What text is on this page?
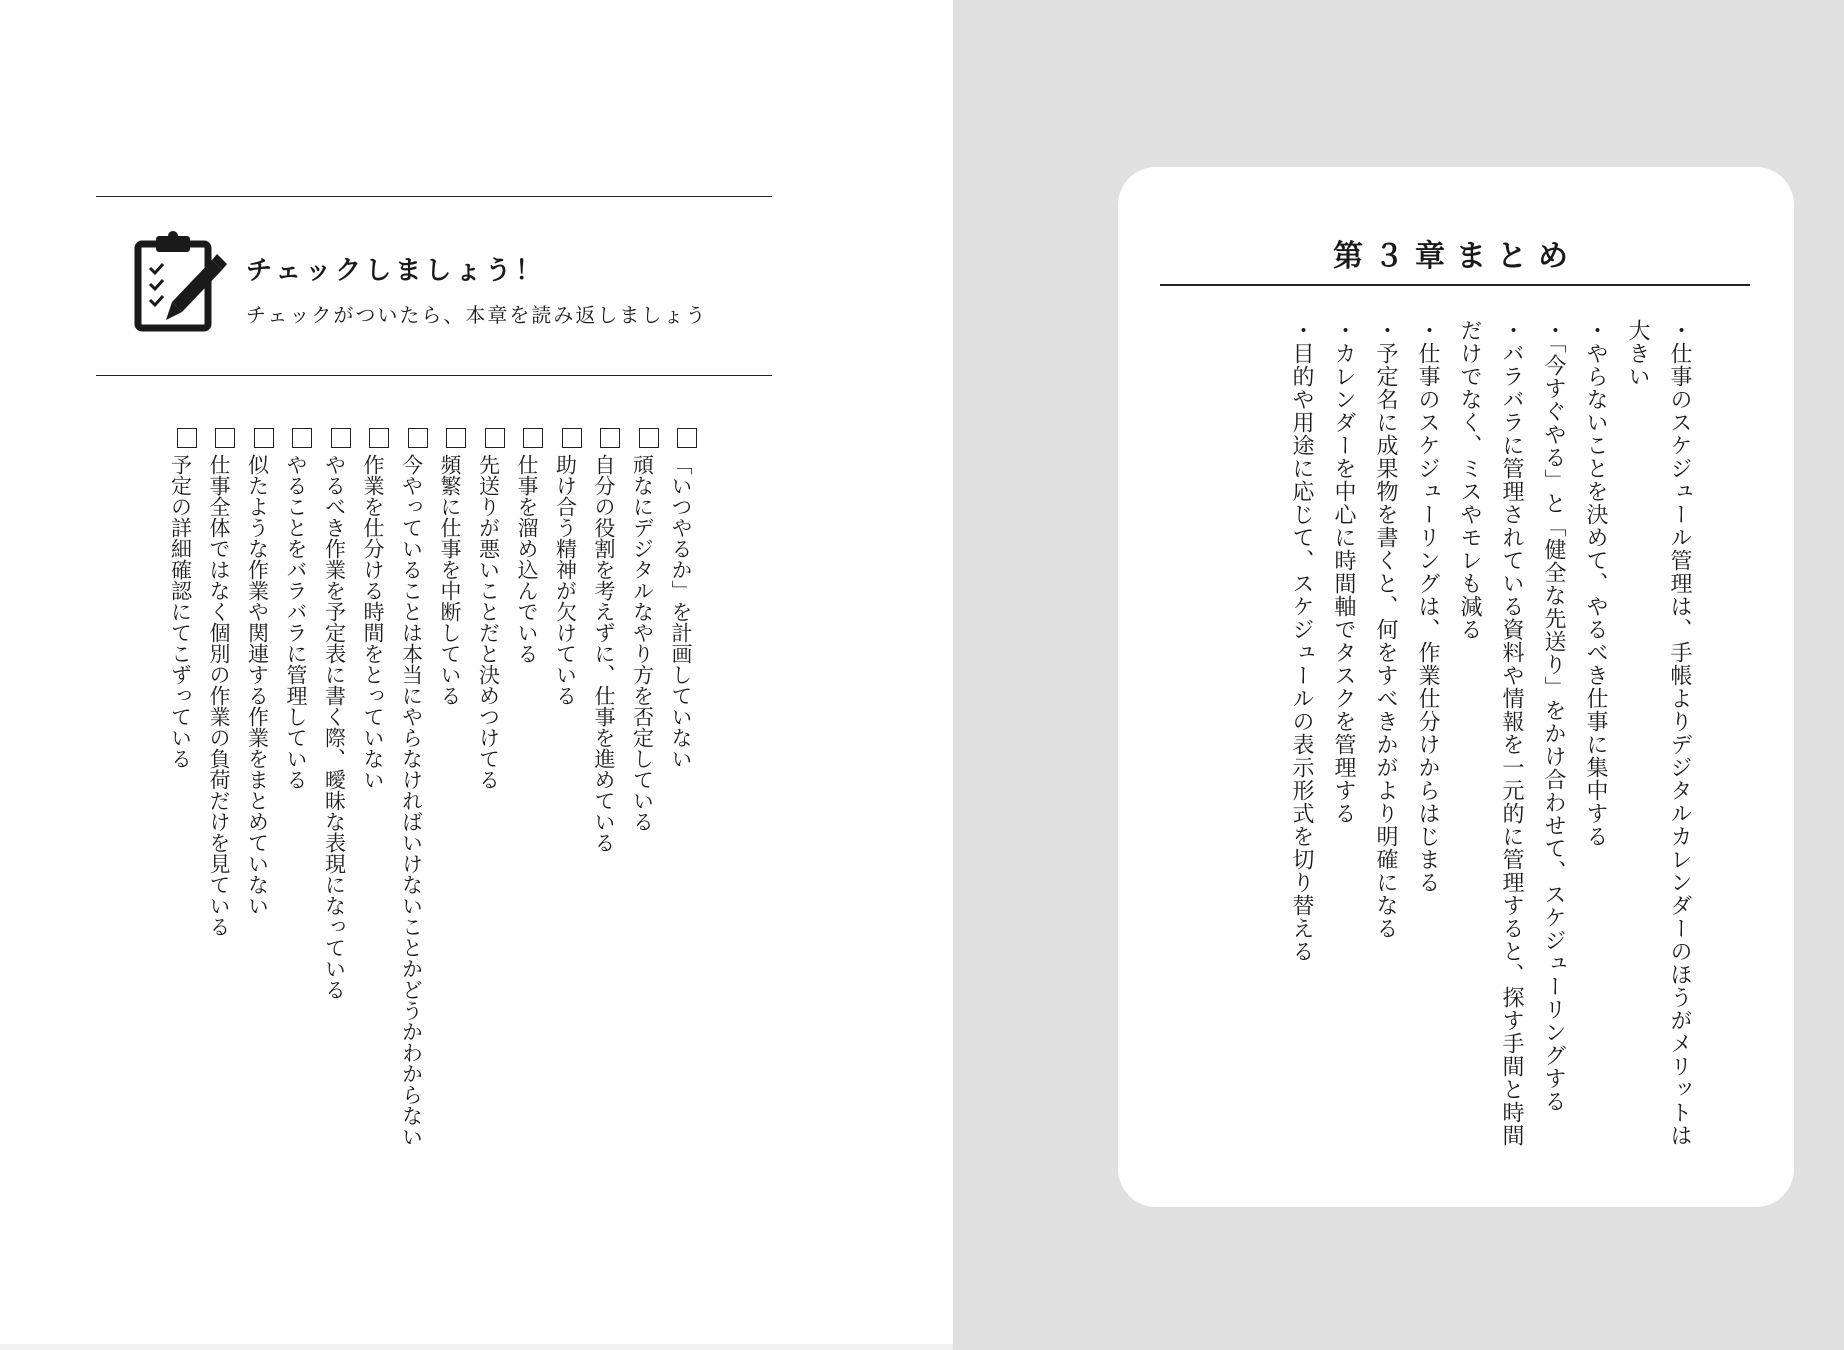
チェックしましょう！
チェックがついたら、本章を読み返しましょう
「いつやるか」を計画していない
頑なにデジタルなやり方を否定している
自分の役割を考えずに、仕事を進めている
助け合う精神が欠けている
仕事を溜め込んでいる
先送りが悪いことだと決めつけてる
頻繁に仕事を中断している
今やっていることは本当にやらなければいけないことかどうかわからない
作業を仕分ける時間をとっていない
やるべき作業を予定表に書く際、曖昧な表現になっている
やることをバラバラに管理している
似たような作業や関連する作業をまとめていない
仕事全体ではなく個別の作業の負荷だけを見ている
予定の詳細確認にてこずっている
第３章まとめ
・ 仕事のスケジュール管理は、手帳よりデジタルカレンダーのほうがメリットは大きい
・ やらないことを決めて、やるべき仕事に集中する
・ 「今すぐやる」と「健全な先送り」をかけ合わせて、スケジューリングする
・ バラバラに管理されている資料や情報を一元的に管理すると、探す手間と時間だけでなく、ミスやモレも減る
・ 仕事のスケジューリングは、作業仕分けからはじまる
・ 予定名に成果物を書くと、何をすべきかがより明確になる
・ カレンダーを中心に時間軸でタスクを管理する
・ 目的や用途に応じて、スケジュールの表示形式を切り替える
